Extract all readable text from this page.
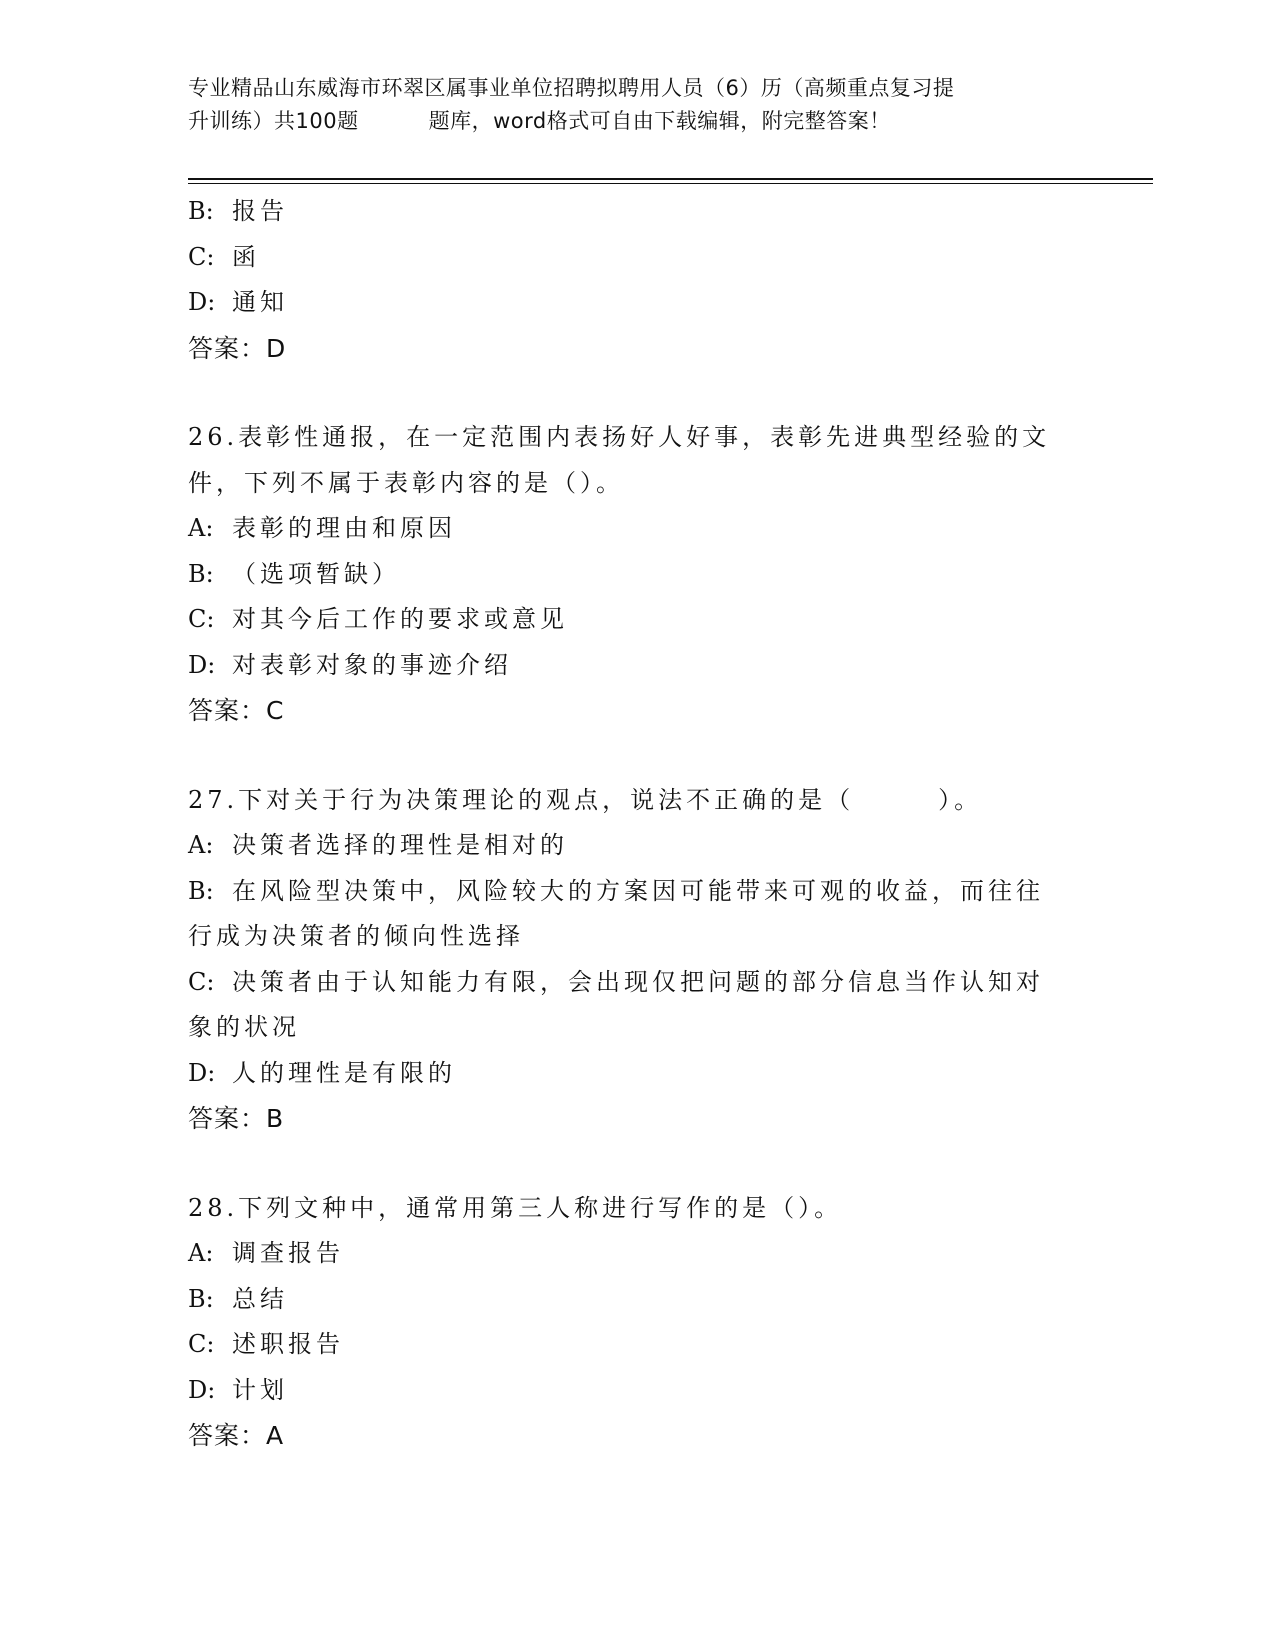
专业精品山东威海市环翠区属事业单位招聘拟聘用人员（6）历（高频重点复习提
升训练）共100题	题库，word格式可自由下载编辑，附完整答案！
B: 报告
C: 函
D: 通知
答案：D
26.表彰性通报，在一定范围内表扬好人好事，表彰先进典型经验的文
件，下列不属于表彰内容的是（）。
A: 表彰的理由和原因
B: （选项暂缺）
C: 对其今后工作的要求或意见
D: 对表彰对象的事迹介绍
答案：C
27.下对关于行为决策理论的观点，说法不正确的是（　　　）。
A: 决策者选择的理性是相对的
B: 在风险型决策中，风险较大的方案因可能带来可观的收益，而往往
行成为决策者的倾向性选择
C: 决策者由于认知能力有限，会出现仅把问题的部分信息当作认知对
象的状况
D: 人的理性是有限的
答案：B
28.下列文种中，通常用第三人称进行写作的是（）。
A: 调查报告
B: 总结
C: 述职报告
D: 计划
答案：A
